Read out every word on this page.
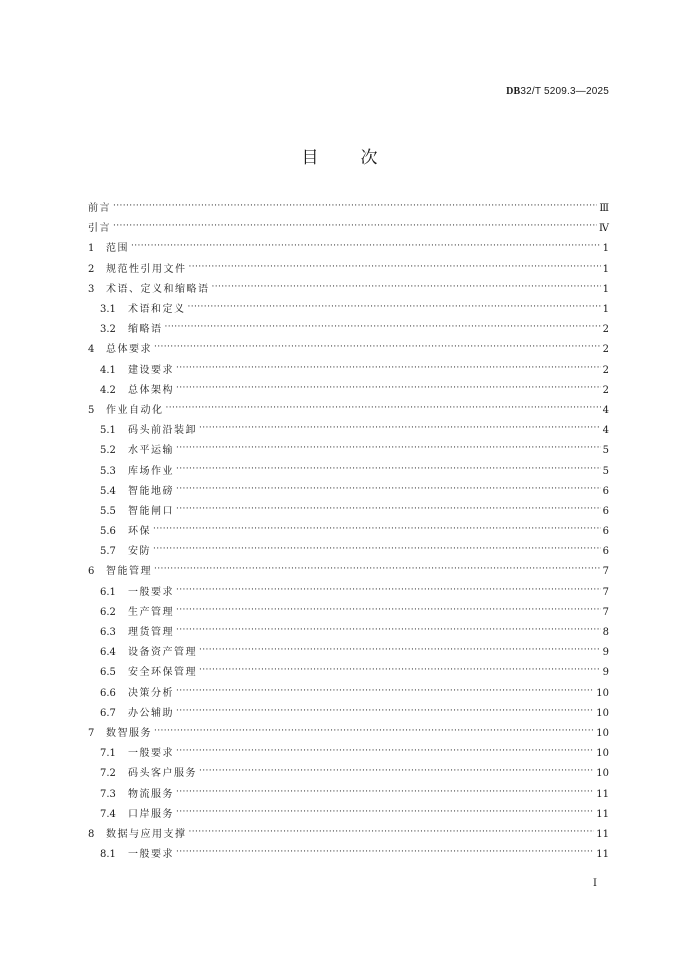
DB32/T 5209.3—2025
目 次
前言 ·····	Ⅲ
引言 ·····	Ⅳ
1	范围 ·····	1
2	规范性引用文件 ·····	1
3	术语、定义和缩略语 ·····	1
3.1	术语和定义 ·····	1
3.2	缩略语 ·····	2
4	总体要求 ·····	2
4.1	建设要求 ·····	2
4.2	总体架构 ·····	2
5	作业自动化 ·····	4
5.1	码头前沿装卸 ·····	4
5.2	水平运输 ·····	5
5.3	库场作业 ·····	5
5.4	智能地磅 ·····	6
5.5	智能闸口 ·····	6
5.6	环保 ·····	6
5.7	安防 ·····	6
6	智能管理 ·····	7
6.1	一般要求 ·····	7
6.2	生产管理 ·····	7
6.3	理货管理 ·····	8
6.4	设备资产管理 ·····	9
6.5	安全环保管理 ·····	9
6.6	决策分析 ·····	10
6.7	办公辅助 ·····	10
7	数智服务 ·····	10
7.1	一般要求 ·····	10
7.2	码头客户服务 ·····	10
7.3	物流服务 ·····	11
7.4	口岸服务 ·····	11
8	数据与应用支撑 ·····	11
8.1	一般要求 ·····	11
I
